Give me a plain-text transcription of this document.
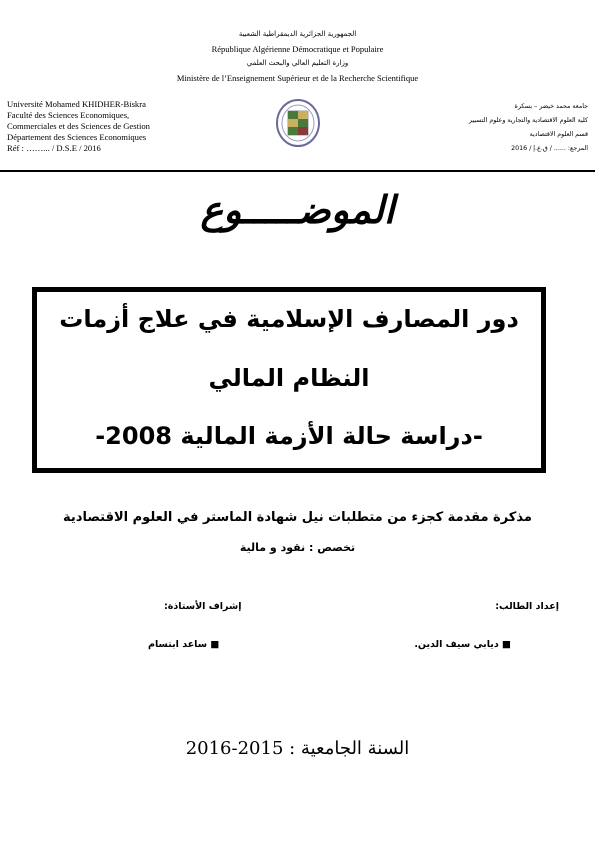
الجمهورية الجزائرية الديمقراطية الشعبية
République Algérienne Démocratique et Populaire
وزارة التعليم العالي والبحث العلمي
Ministère de l’Enseignement Supérieur et de la Recherche Scientifique
Université Mohamed KHIDHER-Biskra
Faculté des Sciences Economiques,
Commerciales et des Sciences de Gestion
Département des Sciences Economiques
Réf : ……... / D.S.E / 2016
جامعة محمد خيضر – بسكرة
كلية العلوم الاقتصادية والتجارية وعلوم التسيير
قسم العلوم الاقتصادية
المرجع: ...... / ق.ع.إ / 2016
الموضـــــوع
دور المصارف الإسلامية في علاج أزمات
النظام المالي
-دراسة حالة الأزمة المالية 2008-
مذكرة مقدمة كجزء من متطلبات نيل شهادة الماستر في العلوم الاقتصادية
تخصص : نقود و مالية
إعداد الطالب:
إشراف الأستاذة:
■ ديابي سيف الدين.
■ ساعد ابتسام
السنة الجامعية : 2015-2016
